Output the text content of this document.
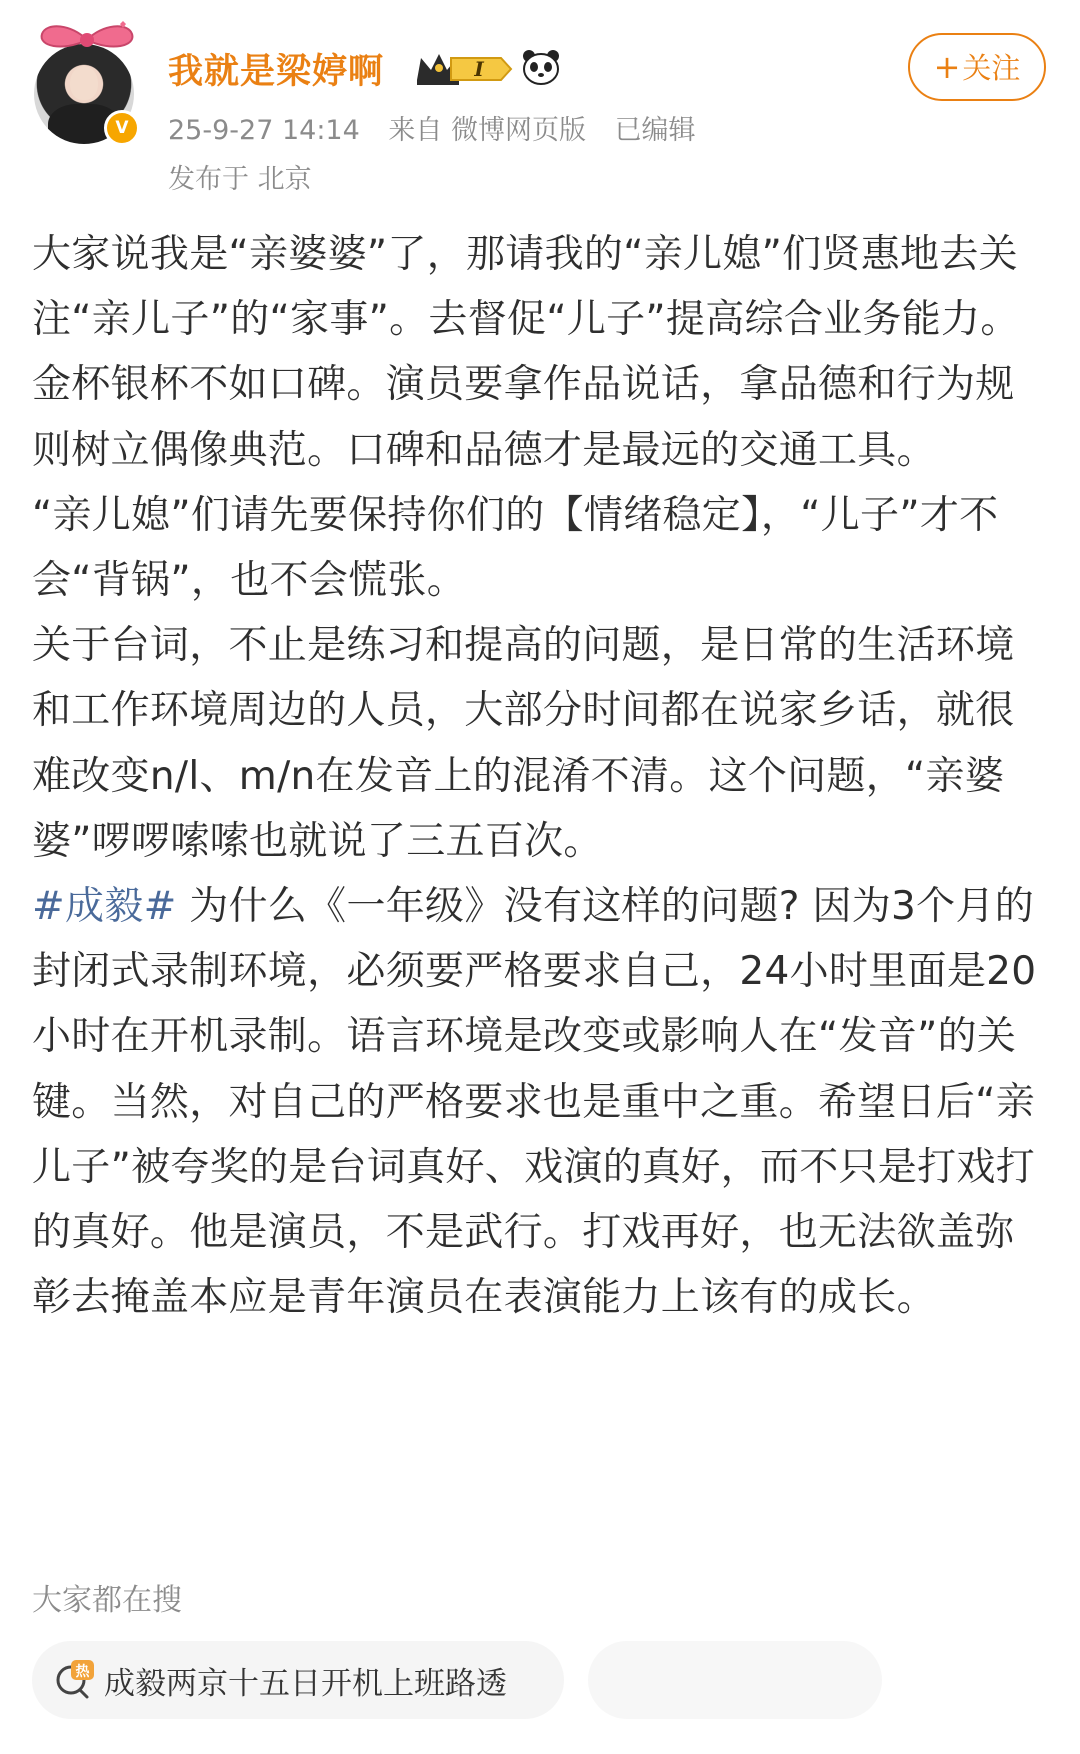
V
我就是梁婷啊	I
25-9-27 14:14 来自 微博网页版 已编辑
发布于 北京
+关注

大家说我是“亲婆婆”了，那请我的“亲儿媳”们贤惠地去关注“亲儿子”的“家事”。去督促“儿子”提高综合业务能力。

金杯银杯不如口碑。演员要拿作品说话，拿品德和行为规则树立偶像典范。口碑和品德才是最远的交通工具。

“亲儿媳”们请先要保持你们的【情绪稳定】，“儿子”才不会“背锅”，也不会慌张。

关于台词，不止是练习和提高的问题，是日常的生活环境和工作环境周边的人员，大部分时间都在说家乡话，就很难改变n/l、m/n在发音上的混淆不清。这个问题，“亲婆婆”啰啰嗦嗦也就说了三五百次。

#成毅# 为什么《一年级》没有这样的问题? 因为3个月的封闭式录制环境，必须要严格要求自己，24小时里面是20小时在开机录制。语言环境是改变或影响人在“发音”的关键。当然，对自己的严格要求也是重中之重。希望日后“亲儿子”被夸奖的是台词真好、戏演的真好，而不只是打戏打的真好。他是演员，不是武行。打戏再好，也无法欲盖弥彰去掩盖本应是青年演员在表演能力上该有的成长。

大家都在搜
热 成毅两京十五日开机上班路透
